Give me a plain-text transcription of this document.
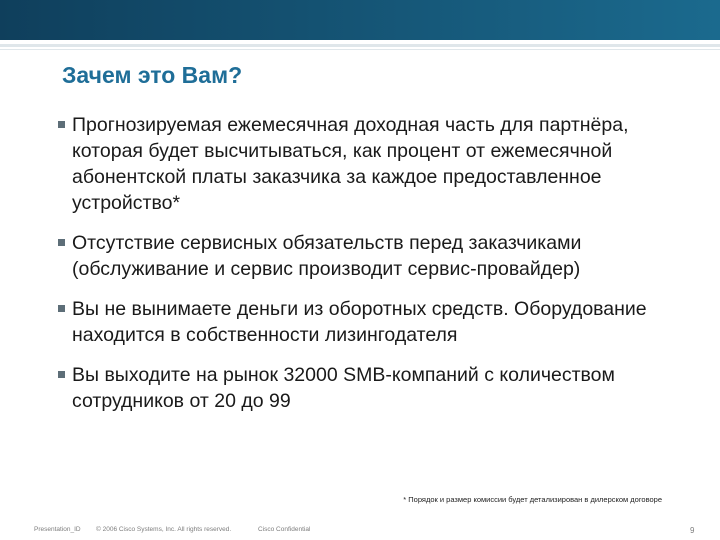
Зачем это Вам?
Прогнозируемая ежемесячная доходная часть для партнёра, которая будет высчитываться, как процент от ежемесячной абонентской платы заказчика за каждое предоставленное устройство*
Отсутствие сервисных обязательств перед заказчиками (обслуживание и сервис производит сервис-провайдер)
Вы не вынимаете деньги из оборотных средств. Оборудование находится в собственности лизингодателя
Вы выходите на рынок 32000 SMB-компаний с количеством сотрудников от 20 до 99
* Порядок и размер комиссии будет детализирован в дилерском договоре
Presentation_ID © 2006 Cisco Systems, Inc. All rights reserved.	Cisco Confidential	9
